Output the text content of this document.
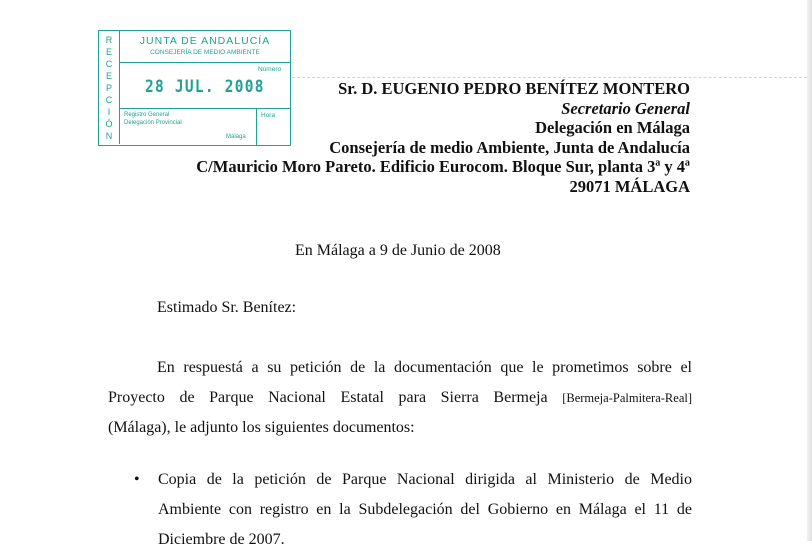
R
E
C
E
P
C
I
Ó
N
JUNTA DE ANDALUCÍA
CONSEJERÍA DE MEDIO AMBIENTE
Número
28 JUL. 2008
Registro General
Delegación Provincial
Hora
Málaga
Sr. D. EUGENIO PEDRO BENÍTEZ MONTERO
Secretario General
Delegación en Málaga
Consejería de medio Ambiente, Junta de Andalucía
C/Mauricio Moro Pareto. Edificio Eurocom. Bloque Sur, planta 3ª y 4ª
29071 MÁLAGA
En Málaga a 9 de Junio de 2008
Estimado Sr. Benítez:
En respuestá a su petición de la documentación que le prometimos sobre el
Proyecto de Parque Nacional Estatal para Sierra Bermeja [Bermeja-Palmitera-Real]
(Málaga), le adjunto los siguientes documentos:
• Copia de la petición de Parque Nacional dirigida al Ministerio de Medio
Ambiente con registro en la Subdelegación del Gobierno en Málaga el 11 de
Diciembre de 2007.
